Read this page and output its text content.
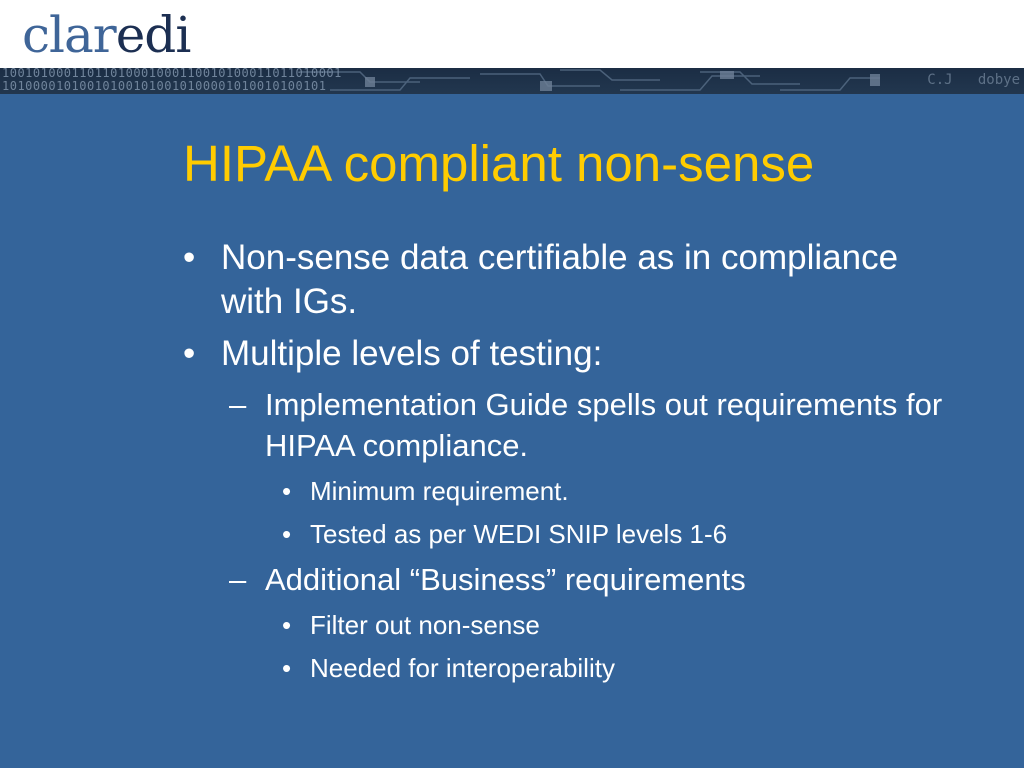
claredi
10010100011011010001000110010100011011010001
101000010100101001010010100001010010100101	C.J   dobye
HIPAA compliant non-sense
• Non-sense data certifiable as in compliance with IGs.
• Multiple levels of testing:
– Implementation Guide spells out requirements for HIPAA compliance.
• Minimum requirement.
• Tested as per WEDI SNIP levels 1-6
– Additional “Business” requirements
• Filter out non-sense
• Needed for interoperability
